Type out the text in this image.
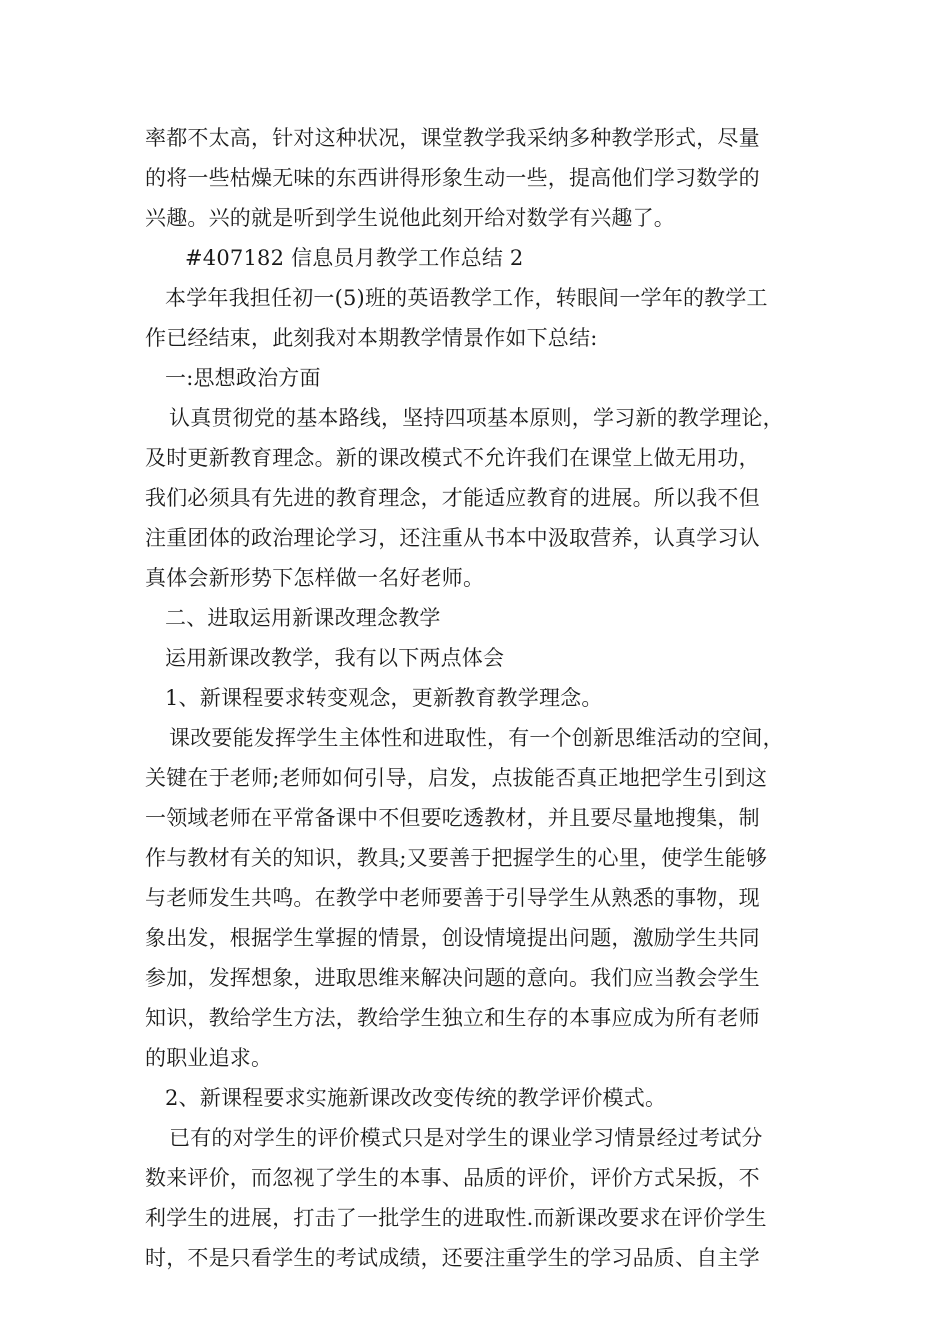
率都不太高，针对这种状况，课堂教学我采纳多种教学形式，尽量
的将一些枯燥无味的东西讲得形象生动一些，提高他们学习数学的
兴趣。兴的就是听到学生说他此刻开给对数学有兴趣了。
#407182 信息员月教学工作总结 2
本学年我担任初一(5)班的英语教学工作，转眼间一学年的教学工
作已经结束，此刻我对本期教学情景作如下总结:
一:思想政治方面
认真贯彻党的基本路线，坚持四项基本原则，学习新的教学理论，
及时更新教育理念。新的课改模式不允许我们在课堂上做无用功，
我们必须具有先进的教育理念，才能适应教育的进展。所以我不但
注重团体的政治理论学习，还注重从书本中汲取营养，认真学习认
真体会新形势下怎样做一名好老师。
二、进取运用新课改理念教学
运用新课改教学，我有以下两点体会
1、新课程要求转变观念，更新教育教学理念。
课改要能发挥学生主体性和进取性，有一个创新思维活动的空间，
关键在于老师;老师如何引导，启发，点拔能否真正地把学生引到这
一领域老师在平常备课中不但要吃透教材，并且要尽量地搜集，制
作与教材有关的知识，教具;又要善于把握学生的心里，使学生能够
与老师发生共鸣。在教学中老师要善于引导学生从熟悉的事物，现
象出发，根据学生掌握的情景，创设情境提出问题，激励学生共同
参加，发挥想象，进取思维来解决问题的意向。我们应当教会学生
知识，教给学生方法，教给学生独立和生存的本事应成为所有老师
的职业追求。
2、新课程要求实施新课改改变传统的教学评价模式。
已有的对学生的评价模式只是对学生的课业学习情景经过考试分
数来评价，而忽视了学生的本事、品质的评价，评价方式呆扳，不
利学生的进展，打击了一批学生的进取性.而新课改要求在评价学生
时，不是只看学生的考试成绩，还要注重学生的学习品质、自主学
